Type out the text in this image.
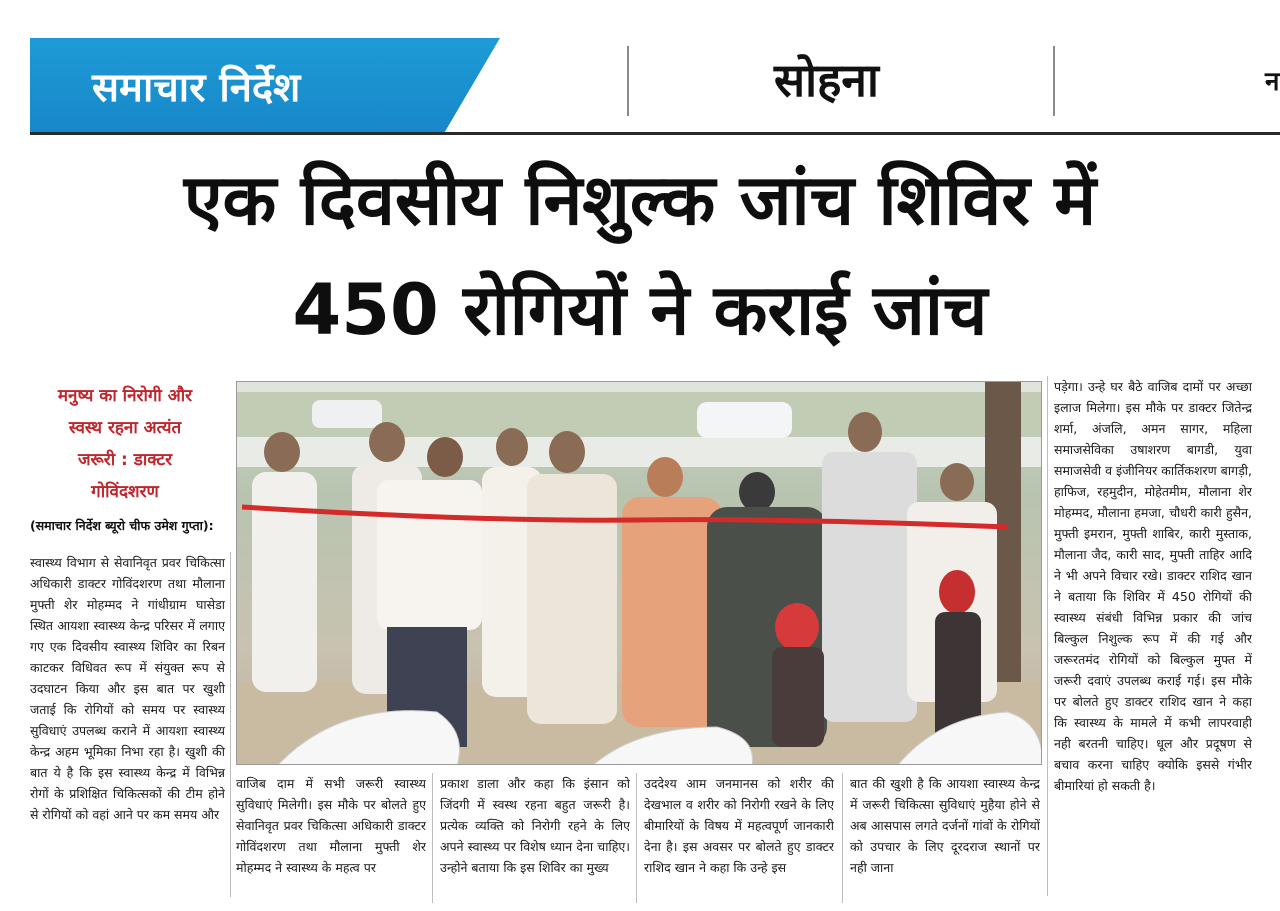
समाचार निर्देश	सोहना	न
एक दिवसीय निशुल्क जांच शिविर में
450 रोगियों ने कराई जांच
मनुष्य का निरोगी और
स्वस्थ रहना अत्यंत
जरूरी : डाक्टर
गोविंदशरण
(समाचार निर्देश ब्यूरो चीफ उमेश गुप्ता):

स्वास्थ्य विभाग से सेवानिवृत प्रवर चिकित्सा अधिकारी डाक्टर गोविंदशरण तथा मौलाना मुफ्ती शेर मोहम्मद ने गांधीग्राम घासेडा स्थित आयशा स्वास्थ्य केन्द्र परिसर में लगाए गए एक दिवसीय स्वास्थ्य शिविर का रिबन काटकर विधिवत रूप में संयुक्त रूप से उदघाटन किया और इस बात पर खुशी जताई कि रोगियों को समय पर स्वास्थ्य सुविधाएं उपलब्ध कराने में आयशा स्वास्थ्य केन्द्र अहम भूमिका निभा रहा है। खुशी की बात ये है कि इस स्वास्थ्य केन्द्र में विभिन्न रोगों के प्रशिक्षित चिकित्सकों की टीम होने से रोगियों को वहां आने पर कम समय और

वाजिब दाम में सभी जरूरी स्वास्थ्य सुविधाएं मिलेगी। इस मौके पर बोलते हुए सेवानिवृत प्रवर चिकित्सा अधिकारी डाक्टर गोविंदशरण तथा मौलाना मुफ्ती शेर मोहम्मद ने स्वास्थ्य के महत्व पर

प्रकाश डाला और कहा कि इंसान को जिंदगी में स्वस्थ रहना बहुत जरूरी है। प्रत्येक व्यक्ति को निरोगी रहने के लिए अपने स्वास्थ्य पर विशेष ध्यान देना चाहिए। उन्होने बताया कि इस शिविर का मुख्य

उददेश्य आम जनमानस को शरीर की देखभाल व शरीर को निरोगी रखने के लिए बीमारियों के विषय में महत्वपूर्ण जानकारी देना है। इस अवसर पर बोलते हुए डाक्टर राशिद खान ने कहा कि उन्हे इस

बात की खुशी है कि आयशा स्वास्थ्य केन्द्र में जरूरी चिकित्सा सुविधाएं मुहैया होने से अब आसपास लगते दर्जनों गांवों के रोगियों को उपचार के लिए दूरदराज स्थानों पर नही जाना

पड़ेगा। उन्हे घर बैठे वाजिब दामों पर अच्छा इलाज मिलेगा। इस मौके पर डाक्टर जितेन्द्र शर्मा, अंजलि, अमन सागर, महिला समाजसेविका उषाशरण बागडी, युवा समाजसेवी व इंजीनियर कार्तिकशरण बागड़ी, हाफिज, रहमुदीन, मोहेतमीम, मौलाना शेर मोहम्मद, मौलाना हमजा, चौधरी कारी हुसैन, मुफ्ती इमरान, मुफ्ती शाबिर, कारी मुस्ताक, मौलाना जैद, कारी साद, मुफ्ती ताहिर आदि ने भी अपने विचार रखे। डाक्टर राशिद खान ने बताया कि शिविर में 450 रोगियों की स्वास्थ्य संबंधी विभिन्न प्रकार की जांच बिल्कुल निशुल्क रूप में की गई और जरूरतमंद रोगियों को बिल्कुल मुफ्त में जरूरी दवाएं उपलब्ध कराई गई। इस मौके पर बोलते हुए डाक्टर राशिद खान ने कहा कि स्वास्थ्य के मामले में कभी लापरवाही नही बरतनी चाहिए। धूल और प्रदूषण से बचाव करना चाहिए क्योकि इससे गंभीर बीमारियां हो सकती है।
